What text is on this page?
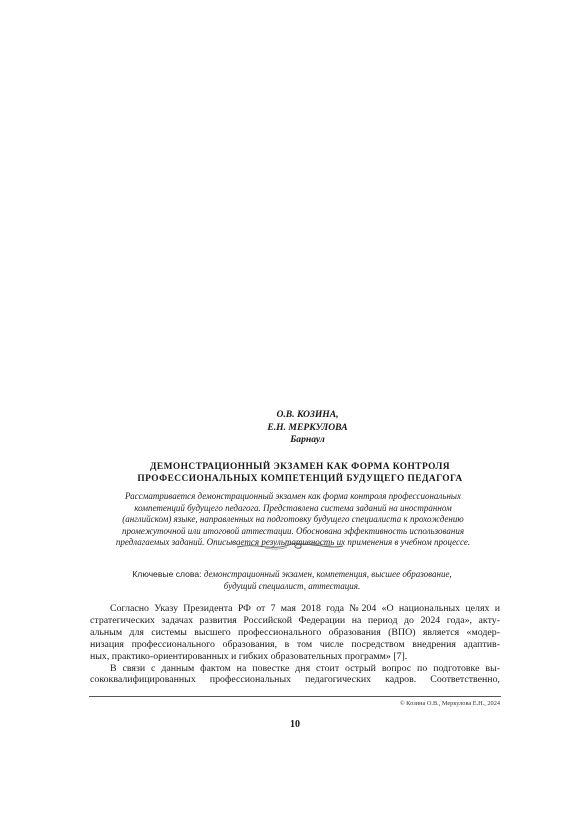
О.В. КОЗИНА,
Е.Н. МЕРКУЛОВА
Барнаул
ДЕМОНСТРАЦИОННЫЙ ЭКЗАМЕН КАК ФОРМА КОНТРОЛЯ
ПРОФЕССИОНАЛЬНЫХ КОМПЕТЕНЦИЙ БУДУЩЕГО ПЕДАГОГА
Рассматривается демонстрационный экзамен как форма контроля профессиональных
компетенций будущего педагога. Представлена система заданий на иностранном
(английском) языке, направленных на подготовку будущего специалиста к прохождению
промежуточной или итоговой аттестации. Обоснована эффективность использования
предлагаемых заданий. Описывается результативность их применения в учебном процессе.
Ключевые слова: демонстрационный экзамен, компетенция, высшее образование,
будущий специалист, аттестация.
Согласно Указу Президента РФ от 7 мая 2018 года №204 «О национальных целях и
стратегических задачах развития Российской Федерации на период до 2024 года», акту-
альным для системы высшего профессионального образования (ВПО) является «модер-
низация профессионального образования, в том числе посредством внедрения адаптив-
ных, практико-ориентированных и гибких образовательных программ» [7].
В связи с данным фактом на повестке дня стоит острый вопрос по подготовке вы-
сококвалифицированных профессиональных педагогических кадров. Соответственно,
© Козина О.В., Меркулова Е.Н., 2024
10
